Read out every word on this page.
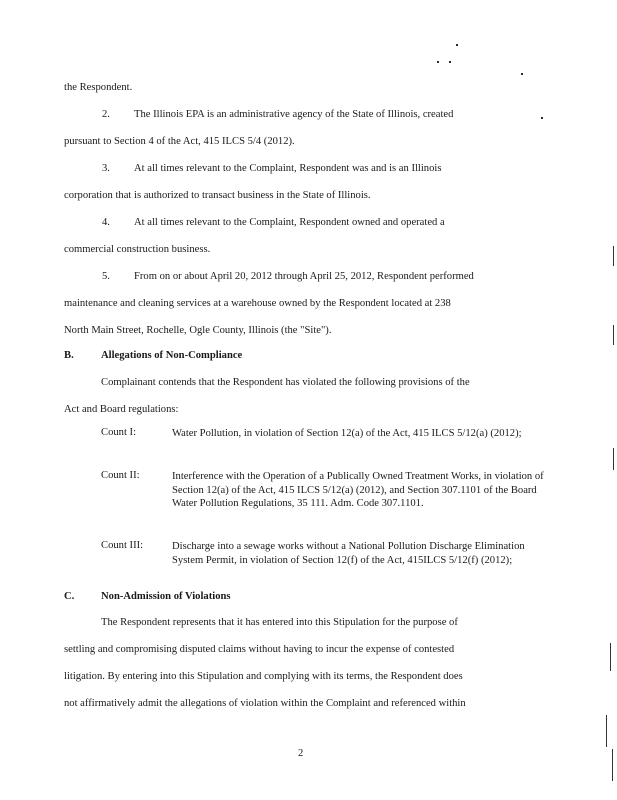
the Respondent.
2. The Illinois EPA is an administrative agency of the State of Illinois, created
pursuant to Section 4 of the Act, 415 ILCS 5/4 (2012).
3. At all times relevant to the Complaint, Respondent was and is an Illinois
corporation that is authorized to transact business in the State of Illinois.
4. At all times relevant to the Complaint, Respondent owned and operated a
commercial construction business.
5. From on or about April 20, 2012 through April 25, 2012, Respondent performed
maintenance and cleaning services at a warehouse owned by the Respondent located at 238
North Main Street, Rochelle, Ogle County, Illinois (the "Site").
B.	Allegations of Non-Compliance
Complainant contends that the Respondent has violated the following provisions of the
Act and Board regulations:
Count I:	Water Pollution, in violation of Section 12(a) of the Act, 415 ILCS 5/12(a) (2012);
Count II:	Interference with the Operation of a Publically Owned Treatment Works, in violation of Section 12(a) of the Act, 415 ILCS 5/12(a) (2012), and Section 307.1101 of the Board Water Pollution Regulations, 35 111. Adm. Code 307.1101.
Count III:	Discharge into a sewage works without a National Pollution Discharge Elimination System Permit, in violation of Section 12(f) of the Act, 415ILCS 5/12(f) (2012);
C.	Non-Admission of Violations
The Respondent represents that it has entered into this Stipulation for the purpose of
settling and compromising disputed claims without having to incur the expense of contested
litigation. By entering into this Stipulation and complying with its terms, the Respondent does
not affirmatively admit the allegations of violation within the Complaint and referenced within
2
